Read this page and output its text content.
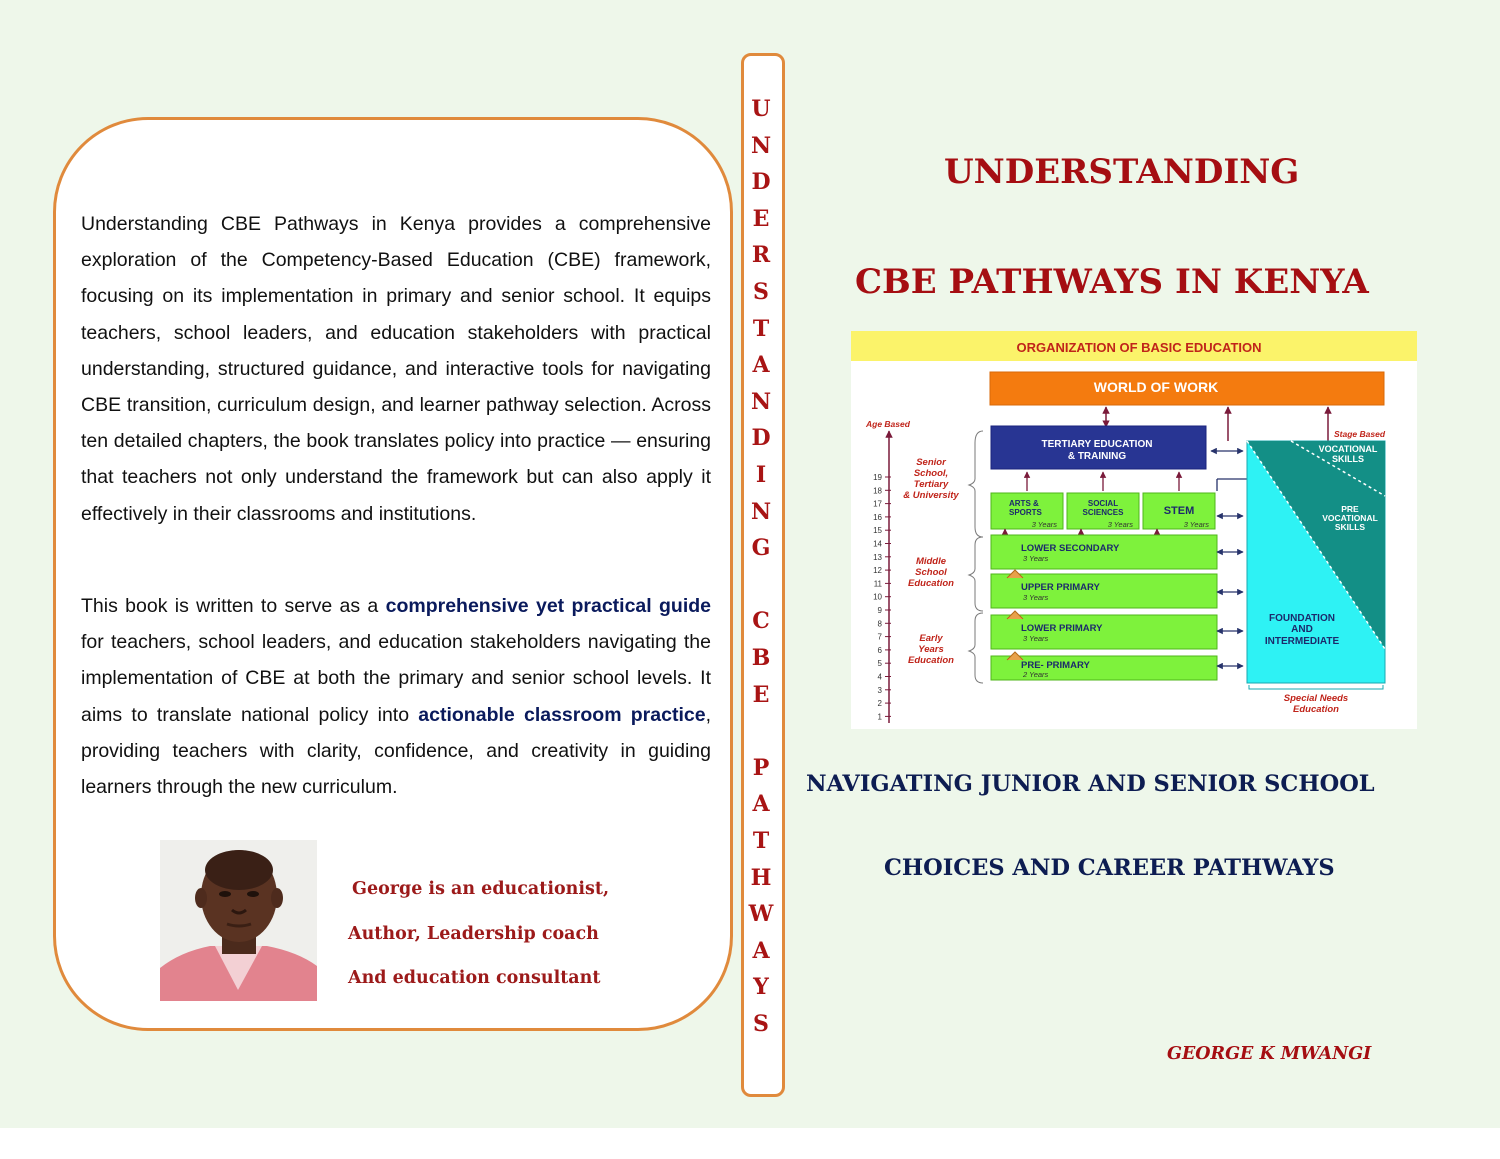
Understanding CBE Pathways in Kenya provides a comprehensive exploration of the Competency-Based Education (CBE) framework, focusing on its implementation in primary and senior school. It equips teachers, school leaders, and education stakeholders with practical understanding, structured guidance, and interactive tools for navigating CBE transition, curriculum design, and learner pathway selection. Across ten detailed chapters, the book translates policy into practice — ensuring that teachers not only understand the framework but can also apply it effectively in their classrooms and institutions.

This book is written to serve as a comprehensive yet practical guide for teachers, school leaders, and education stakeholders navigating the implementation of CBE at both the primary and senior school levels. It aims to translate national policy into actionable classroom practice, providing teachers with clarity, confidence, and creativity in guiding learners through the new curriculum.

George is an educationist,

Author, Leadership coach

And education consultant

U
N
D
E
R
S
T
A
N
D
I
N
G
C
B
E
P
A
T
H
W
A
Y
S
UNDERSTANDING
CBE PATHWAYS IN KENYA
ORGANIZATION OF BASIC EDUCATION
WORLD OF WORK
Age Based
19
18
17
16
15
14
13
12
11
10
9
8
7
6
5
4
3
2
1
Senior
School,
Tertiary
& University
Middle
School
Education
Early
Years
Education
TERTIARY EDUCATION
& TRAINING
ARTS &
SPORTS
3 Years
SOCIAL
SCIENCES
3 Years
STEM
3 Years
LOWER SECONDARY
3 Years
UPPER PRIMARY
3 Years
LOWER PRIMARY
3 Years
PRE- PRIMARY
2 Years
Stage Based
VOCATIONAL
SKILLS
PRE
VOCATIONAL
SKILLS
FOUNDATION
AND
INTERMEDIATE
Special Needs
Education

NAVIGATING JUNIOR AND SENIOR SCHOOL

CHOICES AND CAREER PATHWAYS

GEORGE K MWANGI
